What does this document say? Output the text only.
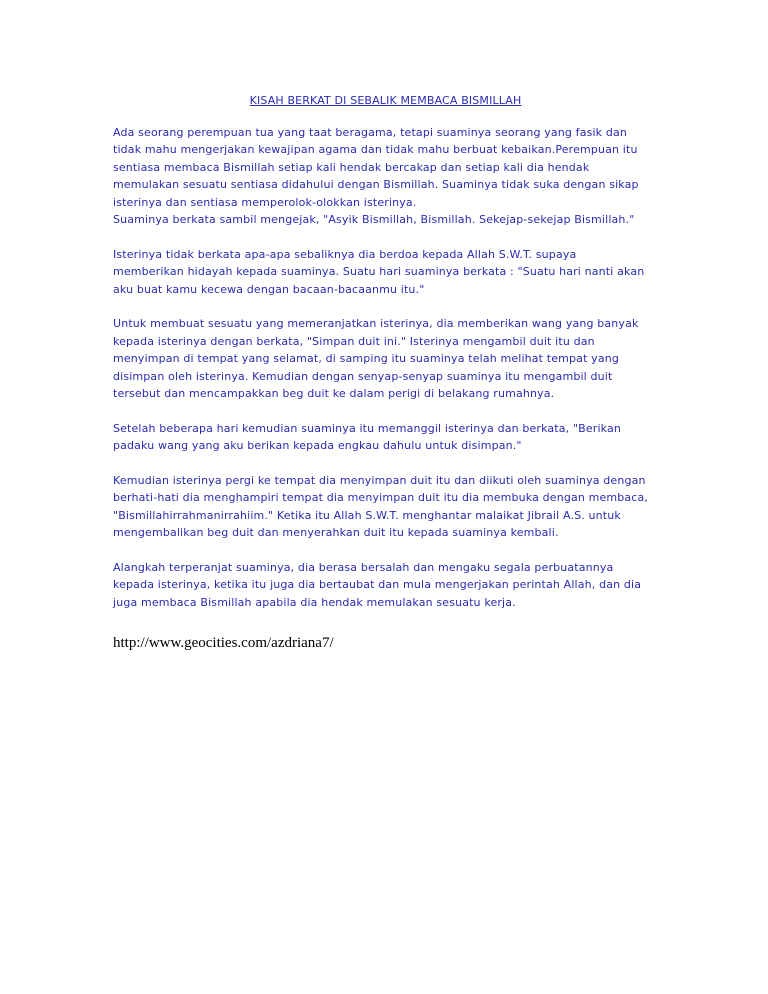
KISAH BERKAT DI SEBALIK MEMBACA BISMILLAH
Ada seorang perempuan tua yang taat beragama, tetapi suaminya seorang yang fasik dan
tidak mahu mengerjakan kewajipan agama dan tidak mahu berbuat kebaikan.Perempuan itu
sentiasa membaca Bismillah setiap kali hendak bercakap dan setiap kali dia hendak
memulakan sesuatu sentiasa didahului dengan Bismillah. Suaminya tidak suka dengan sikap
isterinya dan sentiasa memperolok-olokkan isterinya.
Suaminya berkata sambil mengejak, "Asyik Bismillah, Bismillah. Sekejap-sekejap Bismillah."
Isterinya tidak berkata apa-apa sebaliknya dia berdoa kepada Allah S.W.T. supaya
memberikan hidayah kepada suaminya. Suatu hari suaminya berkata : "Suatu hari nanti akan
aku buat kamu kecewa dengan bacaan-bacaanmu itu."
Untuk membuat sesuatu yang memeranjatkan isterinya, dia memberikan wang yang banyak
kepada isterinya dengan berkata, "Simpan duit ini." Isterinya mengambil duit itu dan
menyimpan di tempat yang selamat, di samping itu suaminya telah melihat tempat yang
disimpan oleh isterinya. Kemudian dengan senyap-senyap suaminya itu mengambil duit
tersebut dan mencampakkan beg duit ke dalam perigi di belakang rumahnya.
Setelah beberapa hari kemudian suaminya itu memanggil isterinya dan berkata, "Berikan
padaku wang yang aku berikan kepada engkau dahulu untuk disimpan."
Kemudian isterinya pergi ke tempat dia menyimpan duit itu dan diikuti oleh suaminya dengan
berhati-hati dia menghampiri tempat dia menyimpan duit itu dia membuka dengan membaca,
"Bismillahirrahmanirrahiim." Ketika itu Allah S.W.T. menghantar malaikat Jibrail A.S. untuk
mengembalikan beg duit dan menyerahkan duit itu kepada suaminya kembali.
Alangkah terperanjat suaminya, dia berasa bersalah dan mengaku segala perbuatannya
kepada isterinya, ketika itu juga dia bertaubat dan mula mengerjakan perintah Allah, dan dia
juga membaca Bismillah apabila dia hendak memulakan sesuatu kerja.
http://www.geocities.com/azdriana7/
